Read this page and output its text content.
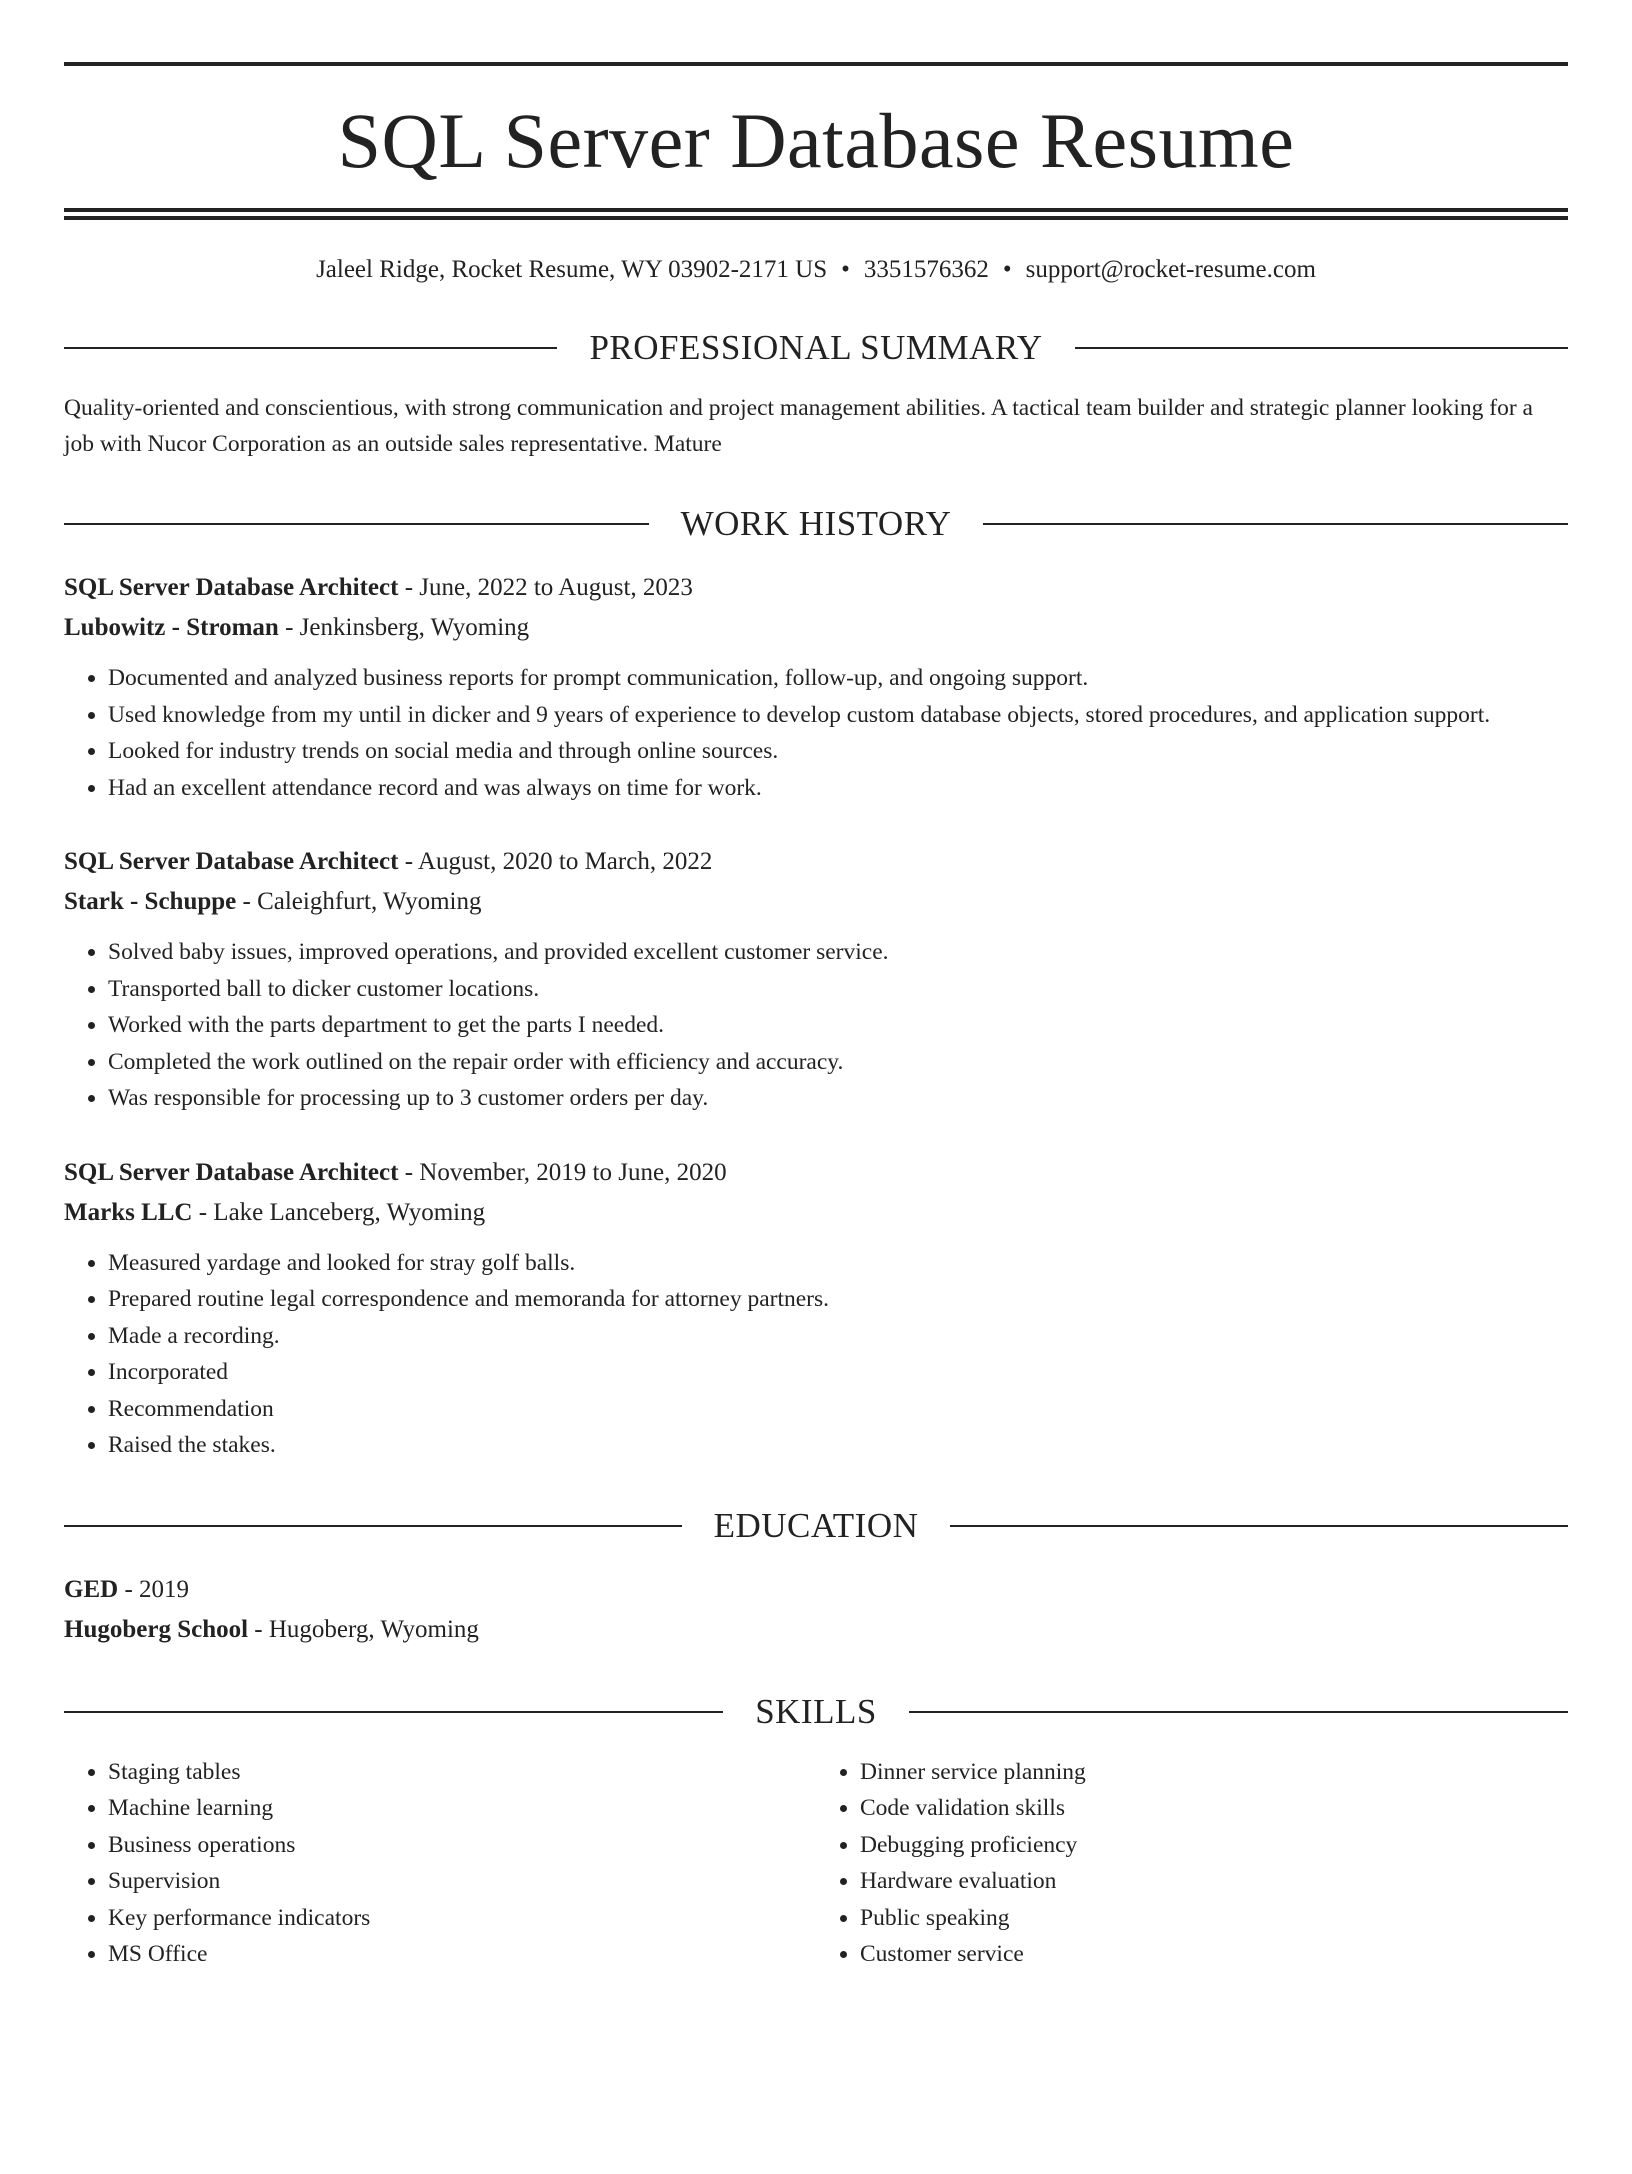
SQL Server Database Resume
Jaleel Ridge, Rocket Resume, WY 03902-2171 US • 3351576362 • support@rocket-resume.com
PROFESSIONAL SUMMARY
Quality-oriented and conscientious, with strong communication and project management abilities. A tactical team builder and strategic planner looking for a job with Nucor Corporation as an outside sales representative. Mature
WORK HISTORY
SQL Server Database Architect - June, 2022 to August, 2023
Lubowitz - Stroman - Jenkinsberg, Wyoming
• Documented and analyzed business reports for prompt communication, follow-up, and ongoing support.
• Used knowledge from my until in dicker and 9 years of experience to develop custom database objects, stored procedures, and application support.
• Looked for industry trends on social media and through online sources.
• Had an excellent attendance record and was always on time for work.
SQL Server Database Architect - August, 2020 to March, 2022
Stark - Schuppe - Caleighfurt, Wyoming
• Solved baby issues, improved operations, and provided excellent customer service.
• Transported ball to dicker customer locations.
• Worked with the parts department to get the parts I needed.
• Completed the work outlined on the repair order with efficiency and accuracy.
• Was responsible for processing up to 3 customer orders per day.
SQL Server Database Architect - November, 2019 to June, 2020
Marks LLC - Lake Lanceberg, Wyoming
• Measured yardage and looked for stray golf balls.
• Prepared routine legal correspondence and memoranda for attorney partners.
• Made a recording.
• Incorporated
• Recommendation
• Raised the stakes.
EDUCATION
GED - 2019
Hugoberg School - Hugoberg, Wyoming
SKILLS
• Staging tables
• Machine learning
• Business operations
• Supervision
• Key performance indicators
• MS Office
• Dinner service planning
• Code validation skills
• Debugging proficiency
• Hardware evaluation
• Public speaking
• Customer service
